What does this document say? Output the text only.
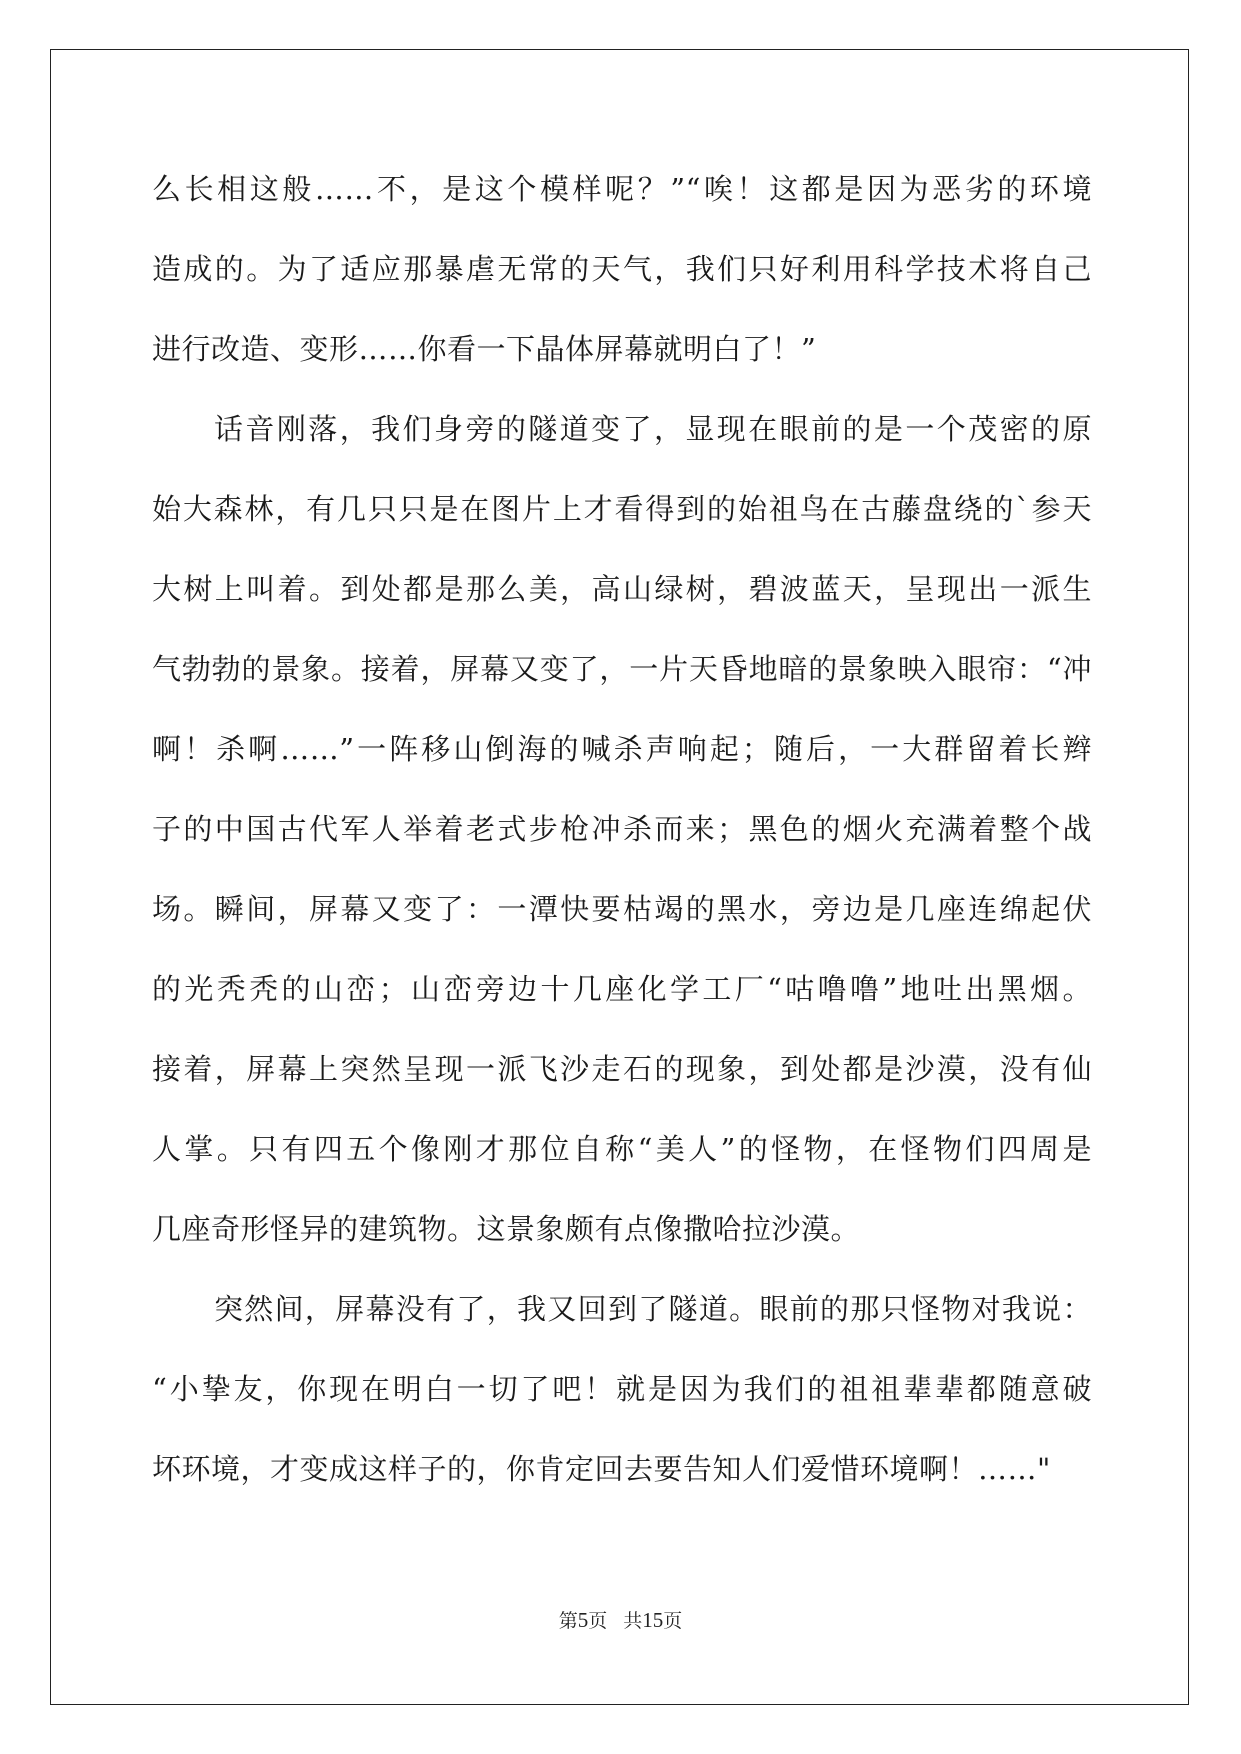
么长相这般……不，是这个模样呢？”“唉！这都是因为恶劣的环境
造成的。为了适应那暴虐无常的天气，我们只好利用科学技术将自己
进行改造、变形……你看一下晶体屏幕就明白了！”
话音刚落，我们身旁的隧道变了，显现在眼前的是一个茂密的原
始大森林，有几只只是在图片上才看得到的始祖鸟在古藤盘绕的`参天
大树上叫着。到处都是那么美，高山绿树，碧波蓝天，呈现出一派生
气勃勃的景象。接着，屏幕又变了，一片天昏地暗的景象映入眼帘：“冲
啊！杀啊……”一阵移山倒海的喊杀声响起；随后，一大群留着长辫
子的中国古代军人举着老式步枪冲杀而来；黑色的烟火充满着整个战
场。瞬间，屏幕又变了：一潭快要枯竭的黑水，旁边是几座连绵起伏
的光秃秃的山峦；山峦旁边十几座化学工厂“咕噜噜”地吐出黑烟。
接着，屏幕上突然呈现一派飞沙走石的现象，到处都是沙漠，没有仙
人掌。只有四五个像刚才那位自称“美人”的怪物，在怪物们四周是
几座奇形怪异的建筑物。这景象颇有点像撒哈拉沙漠。
突然间，屏幕没有了，我又回到了隧道。眼前的那只怪物对我说：
“小挚友，你现在明白一切了吧！就是因为我们的祖祖辈辈都随意破
坏环境，才变成这样子的，你肯定回去要告知人们爱惜环境啊！……"
第5页 共15页
